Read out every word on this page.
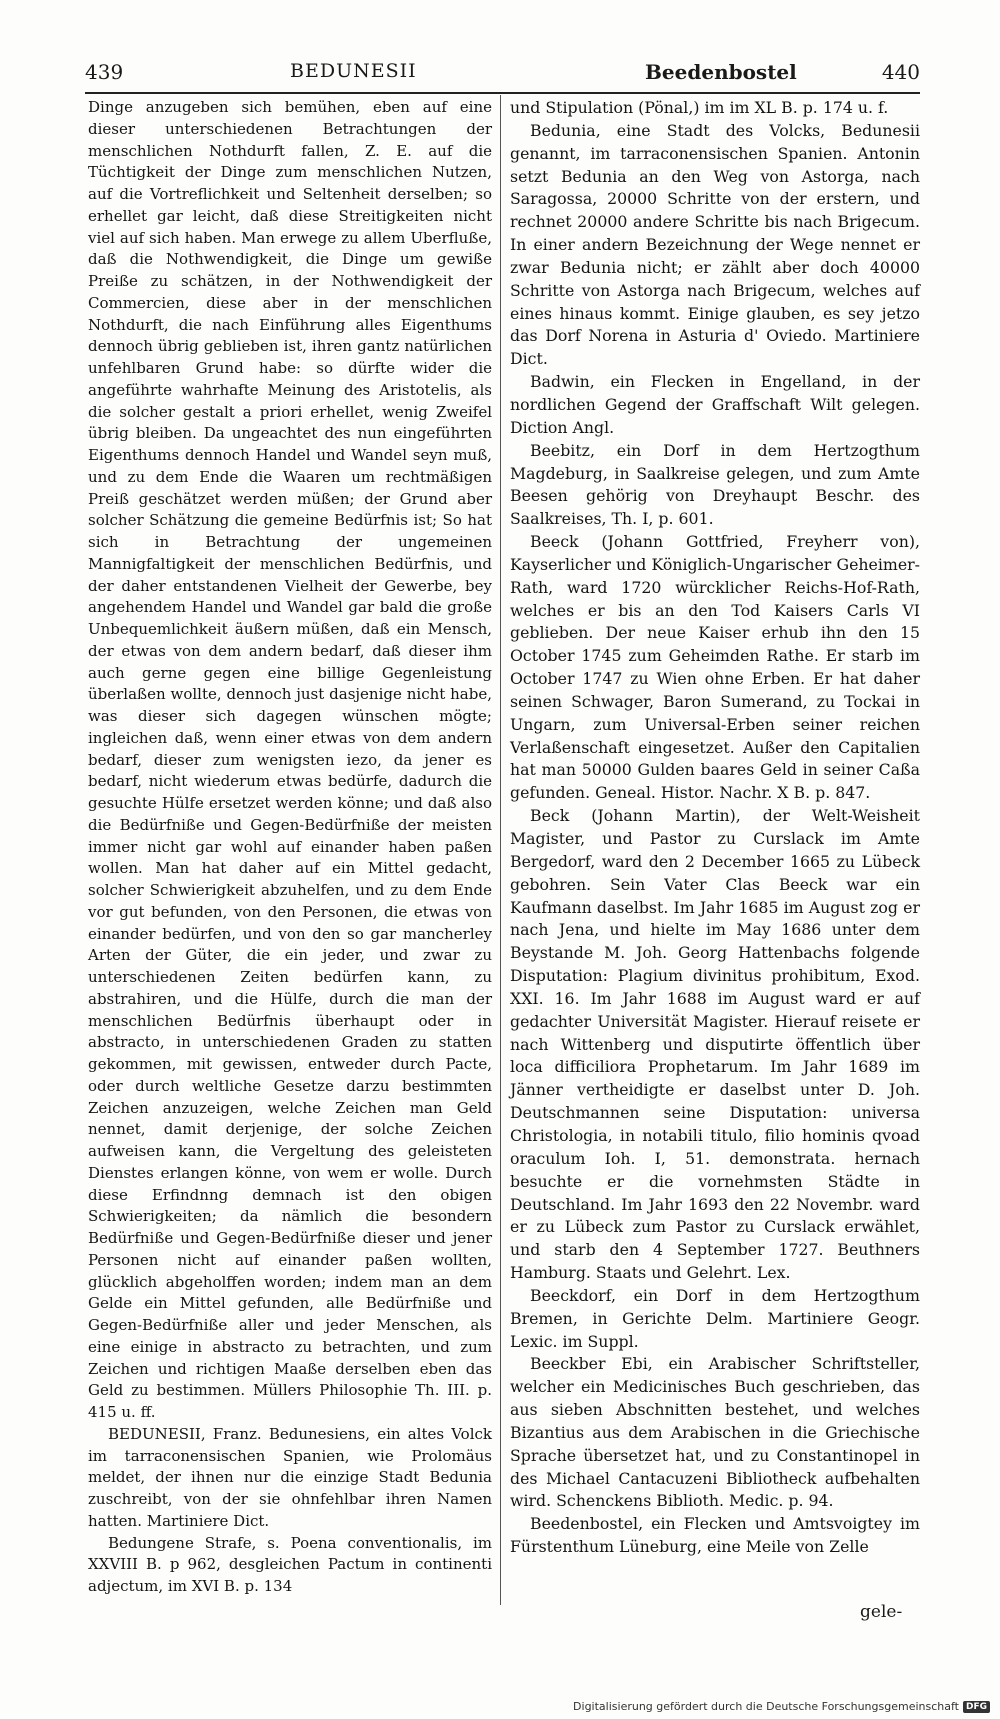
439	BEDUNESII	Beedenbostel	440

Dinge anzugeben sich bemühen, eben auf eine dieser unterschiedenen Betrachtungen der menschlichen Nothdurft fallen, Z. E. auf die Tüchtigkeit der Dinge zum menschlichen Nutzen, auf die Vortreflichkeit und Seltenheit derselben; so erhellet gar leicht, daß diese Streitigkeiten nicht viel auf sich haben. Man erwege zu allem Uberfluße, daß die Nothwendigkeit, die Dinge um gewiße Preiße zu schätzen, in der Nothwendigkeit der Commercien, diese aber in der menschlichen Nothdurft, die nach Einführung alles Eigenthums dennoch übrig geblieben ist, ihren gantz natürlichen unfehlbaren Grund habe: so dürfte wider die angeführte wahrhafte Meinung des Aristotelis, als die solcher gestalt a priori erhellet, wenig Zweifel übrig bleiben. Da ungeachtet des nun eingeführten Eigenthums dennoch Handel und Wandel seyn muß, und zu dem Ende die Waaren um rechtmäßigen Preiß geschätzet werden müßen; der Grund aber solcher Schätzung die gemeine Bedürfnis ist; So hat sich in Betrachtung der ungemeinen Mannigfaltigkeit der menschlichen Bedürfnis, und der daher entstandenen Vielheit der Gewerbe, bey angehendem Handel und Wandel gar bald die große Unbequemlichkeit äußern müßen, daß ein Mensch, der etwas von dem andern bedarf, daß dieser ihm auch gerne gegen eine billige Gegenleistung überlaßen wollte, dennoch just dasjenige nicht habe, was dieser sich dagegen wünschen mögte; ingleichen daß, wenn einer etwas von dem andern bedarf, dieser zum wenigsten iezo, da jener es bedarf, nicht wiederum etwas bedürfe, dadurch die gesuchte Hülfe ersetzet werden könne; und daß also die Bedürfniße und Gegen-Bedürfniße der meisten immer nicht gar wohl auf einander haben paßen wollen. Man hat daher auf ein Mittel gedacht, solcher Schwierigkeit abzuhelfen, und zu dem Ende vor gut befunden, von den Personen, die etwas von einander bedürfen, und von den so gar mancherley Arten der Güter, die ein jeder, und zwar zu unterschiedenen Zeiten bedürfen kann, zu abstrahiren, und die Hülfe, durch die man der menschlichen Bedürfnis überhaupt oder in abstracto, in unterschiedenen Graden zu statten gekommen, mit gewissen, entweder durch Pacte, oder durch weltliche Gesetze darzu bestimmten Zeichen anzuzeigen, welche Zeichen man Geld nennet, damit derjenige, der solche Zeichen aufweisen kann, die Vergeltung des geleisteten Dienstes erlangen könne, von wem er wolle. Durch diese Erfindnng demnach ist den obigen Schwierigkeiten; da nämlich die besondern Bedürfniße und Gegen-Bedürfniße dieser und jener Personen nicht auf einander paßen wollten, glücklich abgeholffen worden; indem man an dem Gelde ein Mittel gefunden, alle Bedürfniße und Gegen-Bedürfniße aller und jeder Menschen, als eine einige in abstracto zu betrachten, und zum Zeichen und richtigen Maaße derselben eben das Geld zu bestimmen. Müllers Philosophie Th. III. p. 415 u. ff.

BEDUNESII, Franz. Bedunesiens, ein altes Volck im tarraconensischen Spanien, wie Prolomäus meldet, der ihnen nur die einzige Stadt Bedunia zuschreibt, von der sie ohnfehlbar ihren Namen hatten. Martiniere Dict.

Bedungene Strafe, s. Poena conventionalis, im XXVIII B. p 962, desgleichen Pactum in continenti adjectum, im XVI B. p. 134

und Stipulation (Pönal,) im im XL B. p. 174 u. f.

Bedunia, eine Stadt des Volcks, Bedunesii genannt, im tarraconensischen Spanien. Antonin setzt Bedunia an den Weg von Astorga, nach Saragossa, 20000 Schritte von der erstern, und rechnet 20000 andere Schritte bis nach Brigecum. In einer andern Bezeichnung der Wege nennet er zwar Bedunia nicht; er zählt aber doch 40000 Schritte von Astorga nach Brigecum, welches auf eines hinaus kommt. Einige glauben, es sey jetzo das Dorf Norena in Asturia d' Oviedo. Martiniere Dict.

Badwin, ein Flecken in Engelland, in der nordlichen Gegend der Graffschaft Wilt gelegen. Diction Angl.

Beebitz, ein Dorf in dem Hertzogthum Magdeburg, in Saalkreise gelegen, und zum Amte Beesen gehörig von Dreyhaupt Beschr. des Saalkreises, Th. I, p. 601.

Beeck (Johann Gottfried, Freyherr von), Kayserlicher und Königlich-Ungarischer Geheimer-Rath, ward 1720 würcklicher Reichs-Hof-Rath, welches er bis an den Tod Kaisers Carls VI geblieben. Der neue Kaiser erhub ihn den 15 October 1745 zum Geheimden Rathe. Er starb im October 1747 zu Wien ohne Erben. Er hat daher seinen Schwager, Baron Sumerand, zu Tockai in Ungarn, zum Universal-Erben seiner reichen Verlaßenschaft eingesetzet. Außer den Capitalien hat man 50000 Gulden baares Geld in seiner Caßa gefunden. Geneal. Histor. Nachr. X B. p. 847.

Beck (Johann Martin), der Welt-Weisheit Magister, und Pastor zu Curslack im Amte Bergedorf, ward den 2 December 1665 zu Lübeck gebohren. Sein Vater Clas Beeck war ein Kaufmann daselbst. Im Jahr 1685 im August zog er nach Jena, und hielte im May 1686 unter dem Beystande M. Joh. Georg Hattenbachs folgende Disputation: Plagium divinitus prohibitum, Exod. XXI. 16. Im Jahr 1688 im August ward er auf gedachter Universität Magister. Hierauf reisete er nach Wittenberg und disputirte öffentlich über loca difficiliora Prophetarum. Im Jahr 1689 im Jänner vertheidigte er daselbst unter D. Joh. Deutschmannen seine Disputation: universa Christologia, in notabili titulo, filio hominis qvoad oraculum Ioh. I, 51. demonstrata. hernach besuchte er die vornehmsten Städte in Deutschland. Im Jahr 1693 den 22 Novembr. ward er zu Lübeck zum Pastor zu Curslack erwählet, und starb den 4 September 1727. Beuthners Hamburg. Staats und Gelehrt. Lex.

Beeckdorf, ein Dorf in dem Hertzogthum Bremen, in Gerichte Delm. Martiniere Geogr. Lexic. im Suppl.

Beeckber Ebi, ein Arabischer Schriftsteller, welcher ein Medicinisches Buch geschrieben, das aus sieben Abschnitten bestehet, und welches Bizantius aus dem Arabischen in die Griechische Sprache übersetzet hat, und zu Constantinopel in des Michael Cantacuzeni Bibliotheck aufbehalten wird. Schenckens Biblioth. Medic. p. 94.

Beedenbostel, ein Flecken und Amtsvoigtey im Fürstenthum Lüneburg, eine Meile von Zelle

gele-
Digitalisierung gefördert durch die Deutsche Forschungsgemeinschaft DFG
